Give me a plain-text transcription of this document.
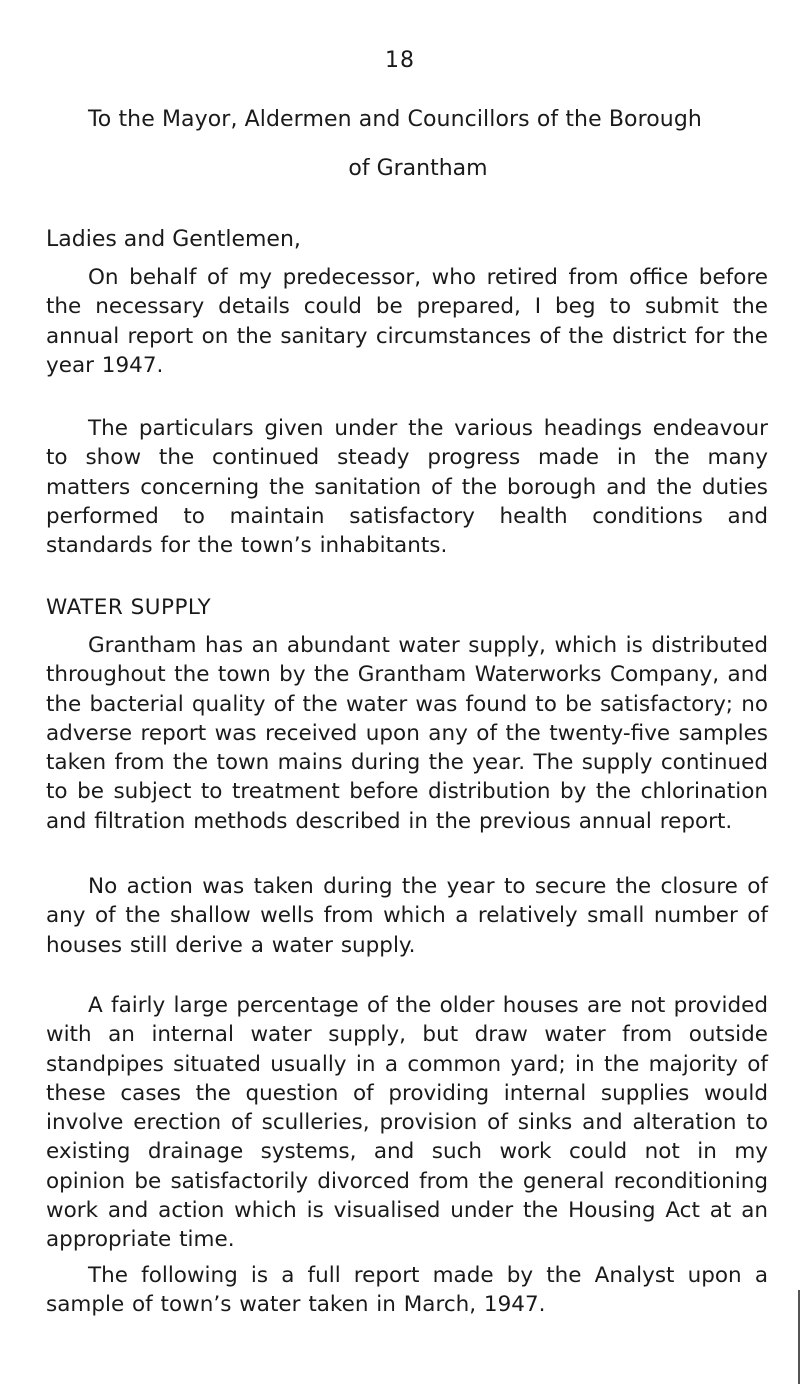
18
To the Mayor, Aldermen and Councillors of the Borough
of Grantham
Ladies and Gentlemen,
On behalf of my predecessor, who retired from office before the necessary details could be prepared, I beg to submit the annual report on the sanitary circumstances of the district for the year 1947.
The particulars given under the various headings endeavour to show the continued steady progress made in the many matters concerning the sanitation of the borough and the duties performed to maintain satisfactory health conditions and standards for the town’s inhabitants.
WATER SUPPLY
Grantham has an abundant water supply, which is distributed throughout the town by the Grantham Waterworks Company, and the bacterial quality of the water was found to be satisfactory; no adverse report was received upon any of the twenty-five samples taken from the town mains during the year. The supply continued to be subject to treatment before distribution by the chlorination and filtration methods described in the previous annual report.
No action was taken during the year to secure the closure of any of the shallow wells from which a relatively small number of houses still derive a water supply.
A fairly large percentage of the older houses are not provided with an internal water supply, but draw water from outside standpipes situated usually in a common yard; in the majority of these cases the question of providing internal supplies would involve erection of sculleries, provision of sinks and alteration to existing drainage systems, and such work could not in my opinion be satisfactorily divorced from the general reconditioning work and action which is visualised under the Housing Act at an appropriate time.
The following is a full report made by the Analyst upon a sample of town’s water taken in March, 1947.
